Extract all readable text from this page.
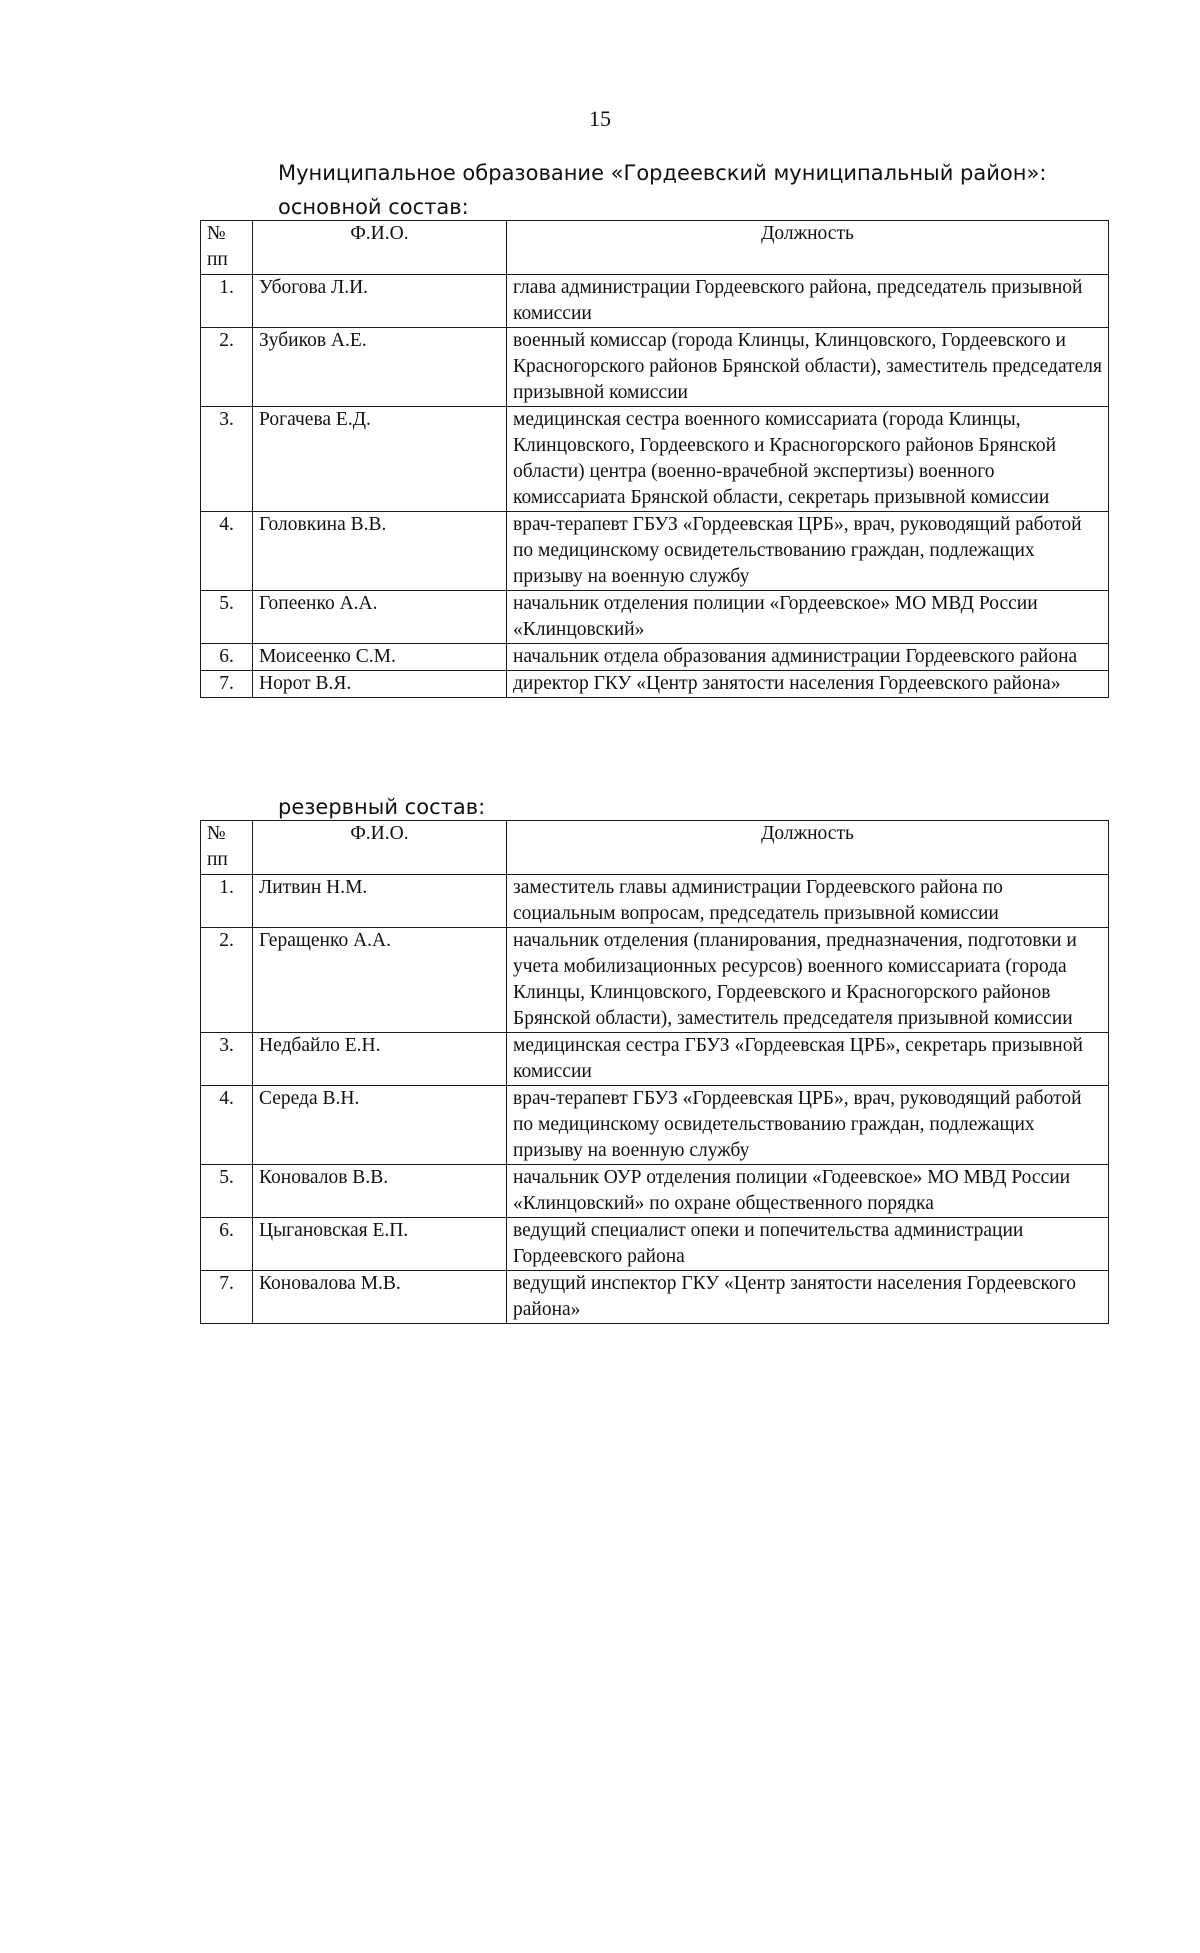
15
Муниципальное образование «Гордеевский муниципальный район»:
основной состав:
№ пп	Ф.И.О.	Должность
1.	Убогова Л.И.	глава администрации Гордеевского района, председатель призывной комиссии
2.	Зубиков А.Е.	военный комиссар (города Клинцы, Клинцовского, Гордеевского и Красногорского районов Брянской области), заместитель председателя призывной комиссии
3.	Рогачева Е.Д.	медицинская сестра военного комиссариата (города Клинцы, Клинцовского, Гордеевского и Красногорского районов Брянской области) центра (военно-врачебной экспертизы) военного комиссариата Брянской области, секретарь призывной комиссии
4.	Головкина В.В.	врач-терапевт ГБУЗ «Гордеевская ЦРБ», врач, руководящий работой по медицинскому освидетельствованию граждан, подлежащих призыву на военную службу
5.	Гопеенко А.А.	начальник отделения полиции «Гордеевское» МО МВД России «Клинцовский»
6.	Моисеенко С.М.	начальник отдела образования администрации Гордеевского района
7.	Норот В.Я.	директор ГКУ «Центр занятости населения Гордеевского района»
резервный состав:
№ пп	Ф.И.О.	Должность
1.	Литвин Н.М.	заместитель главы администрации Гордеевского района по социальным вопросам, председатель призывной комиссии
2.	Геращенко А.А.	начальник отделения (планирования, предназначения, подготовки и учета мобилизационных ресурсов) военного комиссариата (города Клинцы, Клинцовского, Гордеевского и Красногорского районов Брянской области), заместитель председателя призывной комиссии
3.	Недбайло Е.Н.	медицинская сестра ГБУЗ «Гордеевская ЦРБ», секретарь призывной комиссии
4.	Середа В.Н.	врач-терапевт ГБУЗ «Гордеевская ЦРБ», врач, руководящий работой по медицинскому освидетельствованию граждан, подлежащих призыву на военную службу
5.	Коновалов В.В.	начальник ОУР отделения полиции «Годеевское» МО МВД России «Клинцовский» по охране общественного порядка
6.	Цыгановская Е.П.	ведущий специалист опеки и попечительства администрации Гордеевского района
7.	Коновалова М.В.	ведущий инспектор ГКУ «Центр занятости населения Гордеевского района»
